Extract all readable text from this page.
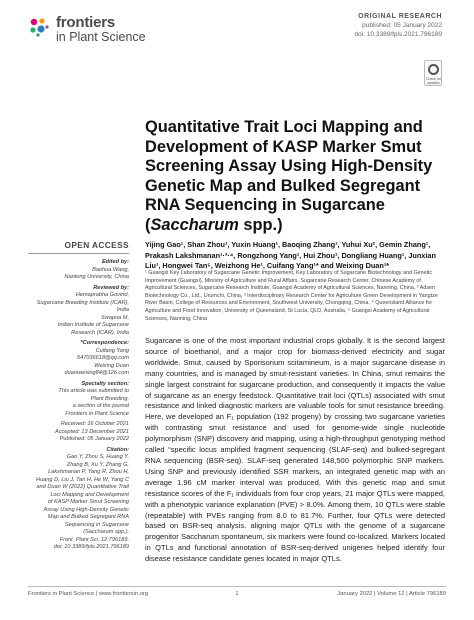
frontiers
in Plant Science
ORIGINAL RESEARCH
published: 05 January 2022
doi: 10.3389/fpls.2021.796189
Check for updates
Quantitative Trait Loci Mapping and Development of KASP Marker Smut Screening Assay Using High-Density Genetic Map and Bulked Segregant RNA Sequencing in Sugarcane (Saccharum spp.)
Yijing Gao¹, Shan Zhou¹, Yuxin Huang¹, Baoqing Zhang¹, Yuhui Xu², Gemin Zhang¹, Prakash Lakshmanan¹·³·⁴, Rongzhong Yang¹, Hui Zhou¹, Dongliang Huang¹, Junxian Liu¹, Hongwei Tan⁵, Weizhong He¹, Cuifang Yang¹* and Weixing Duan¹*
¹ Guangxi Key Laboratory of Sugarcane Genetic Improvement, Key Laboratory of Sugarcane Biotechnology and Genetic Improvement (Guangxi), Ministry of Agriculture and Rural Affairs, Sugarcane Research Center, Chinese Academy of Agricultural Sciences, Sugarcane Research Institute, Guangxi Academy of Agricultural Sciences, Nanning, China, ² Adsen Biotechnology Co., Ltd., Urumchi, China, ³ Interdisciplinary Research Center for Agriculture Green Development in Yangtze River Basin, College of Resources and Environment, Southwest University, Chongqing, China, ⁴ Queensland Alliance for Agriculture and Food Innovation, University of Queensland, St Lucia, QLD, Australia, ⁵ Guangxi Academy of Agricultural Sciences, Nanning, China
OPEN ACCESS
Edited by:
Baohua Wang,
Nantong University, China
Reviewed by:
Hemaprabha Govind,
Sugarcane Breeding Institute (ICAR),
India
Swapna M,
Indian Institute of Sugarcane
Research (ICAR), India
*Correspondence:
Cuifang Yang
547036618@qq.com
Weixing Duan
duanweixing84@126.com
Specialty section:
This article was submitted to
Plant Breeding,
a section of the journal
Frontiers in Plant Science
Received: 16 October 2021
Accepted: 13 December 2021
Published: 05 January 2022
Citation:
Gao Y, Zhou S, Huang Y,
Zhang B, Xu Y, Zhang G,
Lakshmanan P, Yang R, Zhou H,
Huang D, Liu J, Tan H, He W, Yang C
and Duan W (2022) Quantitative Trait
Loci Mapping and Development
of KASP Marker Smut Screening
Assay Using High-Density Genetic
Map and Bulked Segregant RNA
Sequencing in Sugarcane
(Saccharum spp.).
Front. Plant Sci. 12:796189.
doi: 10.3389/fpls.2021.796189
Sugarcane is one of the most important industrial crops globally. It is the second largest source of bioethanol, and a major crop for biomass-derived electricity and sugar worldwide. Smut, caused by Sporisorium scitamineum, is a major sugarcane disease in many countries, and is managed by smut-resistant varieties. In China, smut remains the single largest constraint for sugarcane production, and consequently it impacts the value of sugarcane as an energy feedstock. Quantitative trait loci (QTLs) associated with smut resistance and linked diagnostic markers are valuable tools for smut resistance breeding. Here, we developed an F₁ population (192 progeny) by crossing two sugarcane varieties with contrasting smut resistance and used for genome-wide single nucleotide polymorphism (SNP) discovery and mapping, using a high-throughput genotyping method called “specific locus amplified fragment sequencing (SLAF-seq) and bulked-segregant RNA sequencing (BSR-seq). SLAF-seq generated 148,500 polymorphic SNP markers. Using SNP and previously identified SSR markers, an integrated genetic map with an average 1.96 cM marker interval was produced. With this genetic map and smut resistance scores of the F₁ individuals from four crop years, 21 major QTLs were mapped, with a phenotypic variance explanation (PVE) > 8.0%. Among them, 10 QTLs were stable (repeatable) with PVEs ranging from 8.0 to 81.7%. Further, four QTLs were detected based on BSR-seq analysis. aligning major QTLs with the genome of a sugarcane progenitor Saccharum spontaneum, six markers were found co-localized. Markers located in QTLs and functional annotation of BSR-seq-derived unigenes helped identify four disease resistance candidate genes located in major QTLs.
Frontiers in Plant Science | www.frontiersin.org	1	January 2022 | Volume 12 | Article 796189
